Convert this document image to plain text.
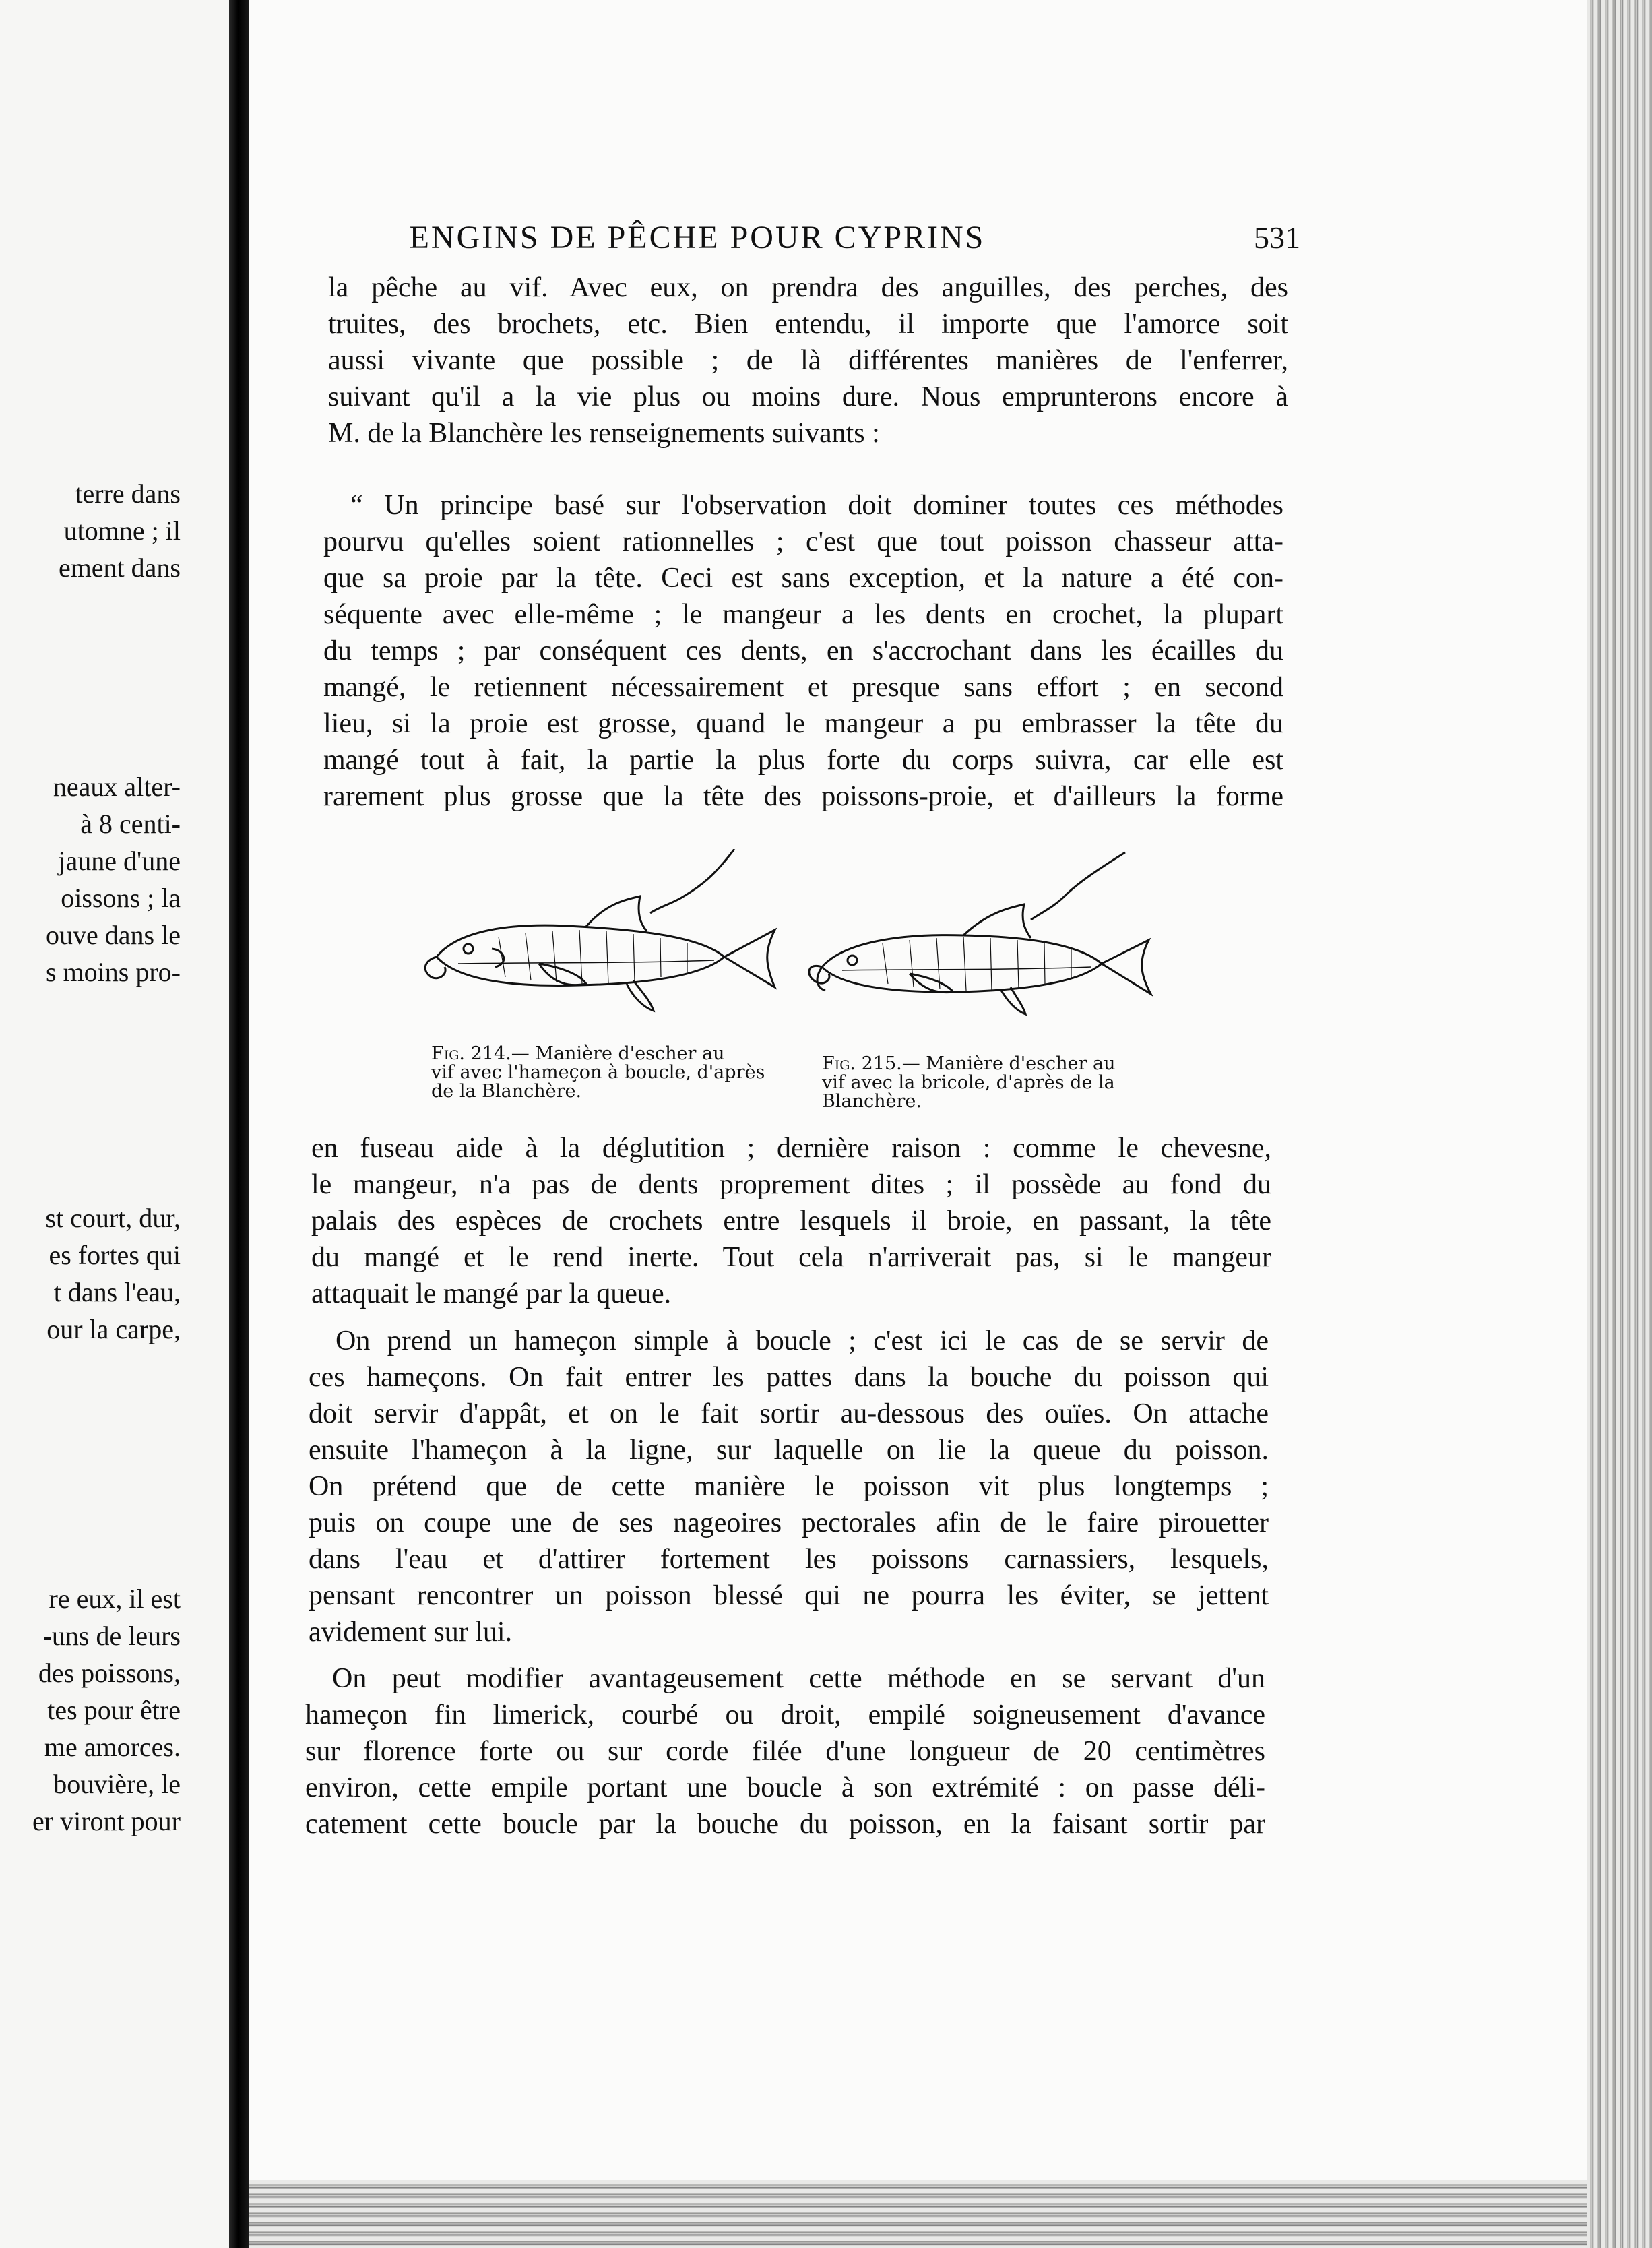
terre dans
utomne ; il
ement dans
neaux alter-
à 8 centi-
jaune d'une
oissons ; la
ouve dans le
s moins pro-
st court, dur,
es fortes qui
t dans l'eau,
our la carpe,
re eux, il est
-uns de leurs
des poissons,
tes pour être
me amorces.
bouvière, le
er viront pour
ENGINS DE PÊCHE POUR CYPRINS	531
la pêche au vif. Avec eux, on prendra des anguilles, des perches, des
truites, des brochets, etc. Bien entendu, il importe que l'amorce soit
aussi vivante que possible ; de là différentes manières de l'enferrer,
suivant qu'il a la vie plus ou moins dure. Nous emprunterons encore à
M. de la Blanchère les renseignements suivants :
“ Un principe basé sur l'observation doit dominer toutes ces méthodes
pourvu qu'elles soient rationnelles ; c'est que tout poisson chasseur atta-
que sa proie par la tête. Ceci est sans exception, et la nature a été con-
séquente avec elle-même ; le mangeur a les dents en crochet, la plupart
du temps ; par conséquent ces dents, en s'accrochant dans les écailles du
mangé, le retiennent nécessairement et presque sans effort ; en second
lieu, si la proie est grosse, quand le mangeur a pu embrasser la tête du
mangé tout à fait, la partie la plus forte du corps suivra, car elle est
rarement plus grosse que la tête des poissons-proie, et d'ailleurs la forme
Fig. 214.— Manière d'escher au
vif avec l'hameçon à boucle, d'après
de la Blanchère.
Fig. 215.— Manière d'escher au
vif avec la bricole, d'après de la
Blanchère.
en fuseau aide à la déglutition ; dernière raison : comme le chevesne,
le mangeur, n'a pas de dents proprement dites ; il possède au fond du
palais des espèces de crochets entre lesquels il broie, en passant, la tête
du mangé et le rend inerte. Tout cela n'arriverait pas, si le mangeur
attaquait le mangé par la queue.
On prend un hameçon simple à boucle ; c'est ici le cas de se servir de
ces hameçons. On fait entrer les pattes dans la bouche du poisson qui
doit servir d'appât, et on le fait sortir au-dessous des ouïes. On attache
ensuite l'hameçon à la ligne, sur laquelle on lie la queue du poisson.
On prétend que de cette manière le poisson vit plus longtemps ;
puis on coupe une de ses nageoires pectorales afin de le faire pirouetter
dans l'eau et d'attirer fortement les poissons carnassiers, lesquels,
pensant rencontrer un poisson blessé qui ne pourra les éviter, se jettent
avidement sur lui.
On peut modifier avantageusement cette méthode en se servant d'un
hameçon fin limerick, courbé ou droit, empilé soigneusement d'avance
sur florence forte ou sur corde filée d'une longueur de 20 centimètres
environ, cette empile portant une boucle à son extrémité : on passe déli-
catement cette boucle par la bouche du poisson, en la faisant sortir par
